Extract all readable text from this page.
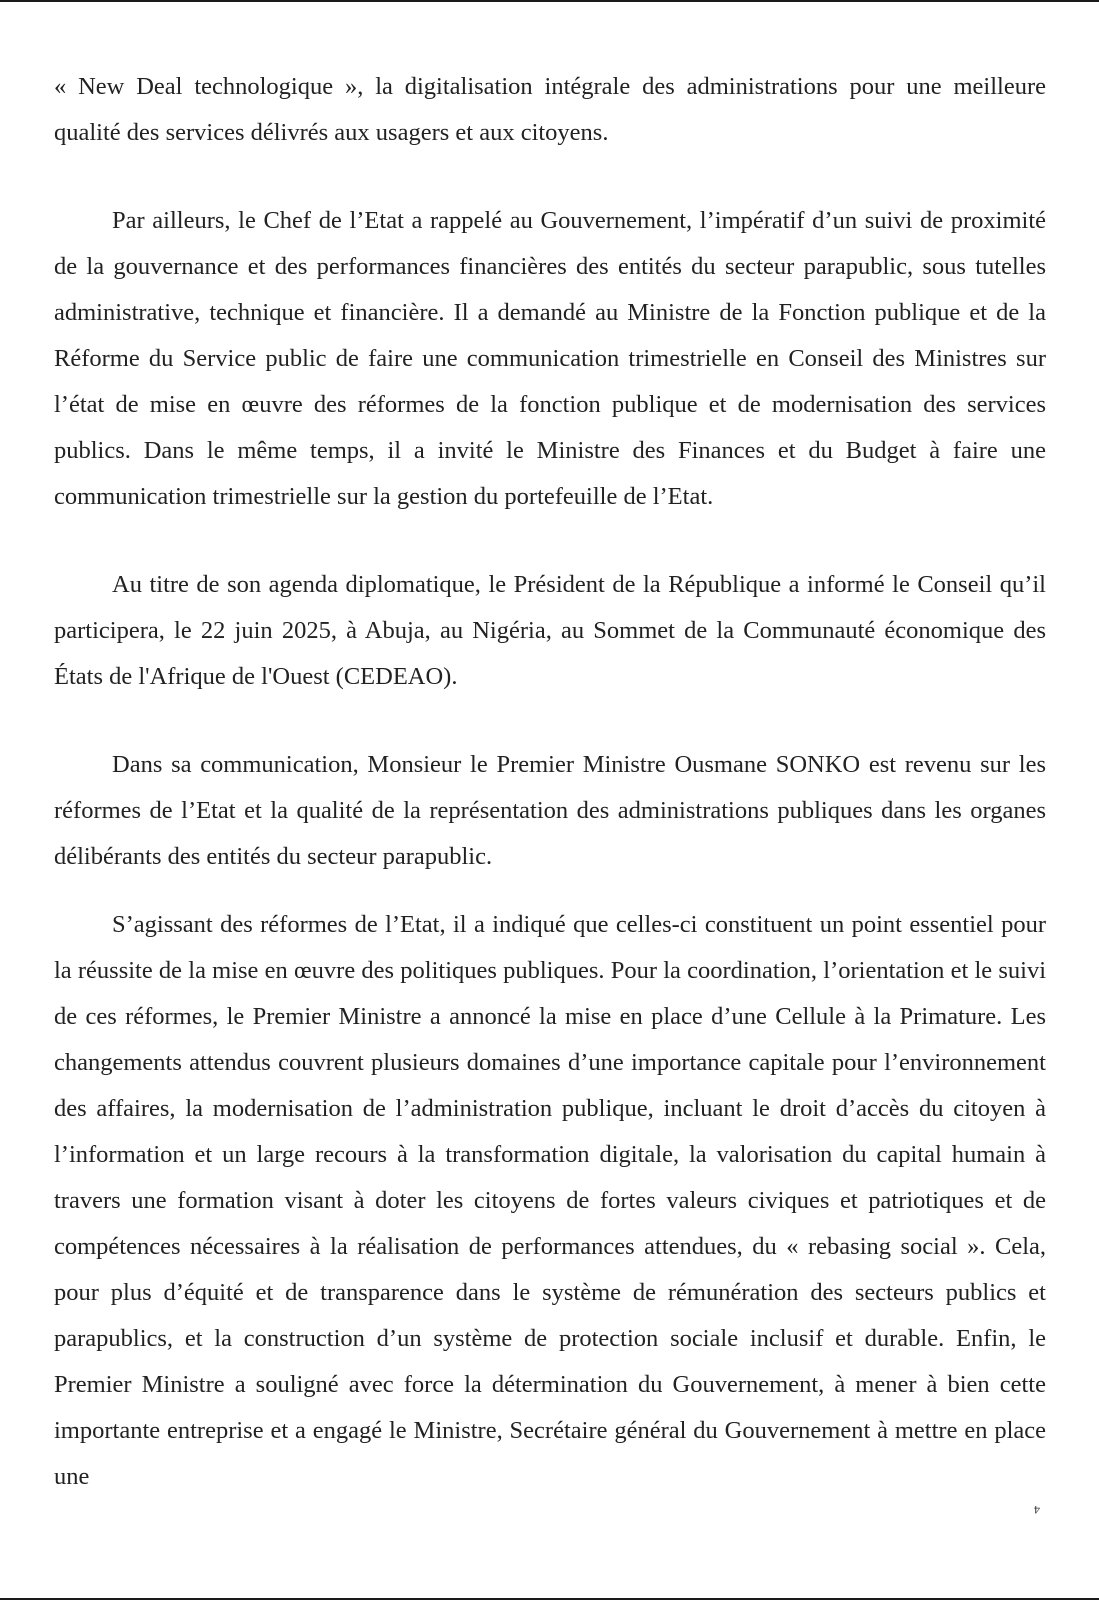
« New Deal technologique », la digitalisation intégrale des administrations pour une meilleure qualité des services délivrés aux usagers et aux citoyens.

Par ailleurs, le Chef de l’Etat a rappelé au Gouvernement, l’impératif d’un suivi de proximité de la gouvernance et des performances financières des entités du secteur parapublic, sous tutelles administrative, technique et financière. Il a demandé au Ministre de la Fonction publique et de la Réforme du Service public de faire une communication trimestrielle en Conseil des Ministres sur l’état de mise en œuvre des réformes de la fonction publique et de modernisation des services publics. Dans le même temps, il a invité le Ministre des Finances et du Budget à faire une communication trimestrielle sur la gestion du portefeuille de l’Etat.

Au titre de son agenda diplomatique, le Président de la République a informé le Conseil qu’il participera, le 22 juin 2025, à Abuja, au Nigéria, au Sommet de la Communauté économique des États de l'Afrique de l'Ouest (CEDEAO).

Dans sa communication, Monsieur le Premier Ministre Ousmane SONKO est revenu sur les réformes de l’Etat et la qualité de la représentation des administrations publiques dans les organes délibérants des entités du secteur parapublic.

S’agissant des réformes de l’Etat, il a indiqué que celles-ci constituent un point essentiel pour la réussite de la mise en œuvre des politiques publiques. Pour la coordination, l’orientation et le suivi de ces réformes, le Premier Ministre a annoncé la mise en place d’une Cellule à la Primature. Les changements attendus couvrent plusieurs domaines d’une importance capitale pour l’environnement des affaires, la modernisation de l’administration publique, incluant le droit d’accès du citoyen à l’information et un large recours à la transformation digitale, la valorisation du capital humain à travers une formation visant à doter les citoyens de fortes valeurs civiques et patriotiques et de compétences nécessaires à la réalisation de performances attendues, du « rebasing social ». Cela, pour plus d’équité et de transparence dans le système de rémunération des secteurs publics et parapublics, et la construction d’un système de protection sociale inclusif et durable. Enfin, le Premier Ministre a souligné avec force la détermination du Gouvernement, à mener à bien cette importante entreprise et a engagé le Ministre, Secrétaire général du Gouvernement à mettre en place une

4
